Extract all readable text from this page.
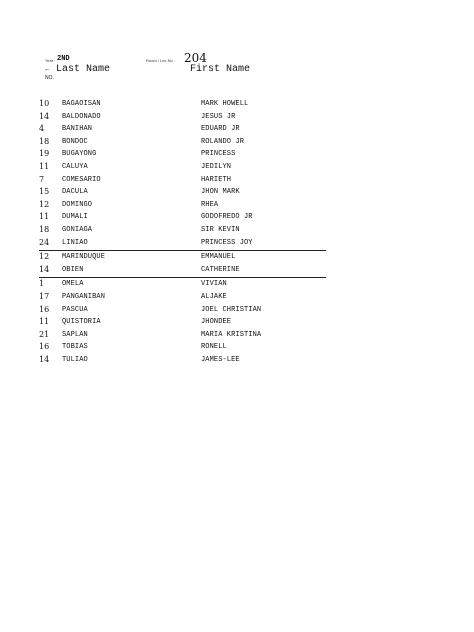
Year : 2ND	Room / Lec No : 204
← Last Name	First Name
NO.
10 BAGAOISAN	MARK HOWELL
14 BALDONADO	JESUS JR
4	BANIHAN	EDUARD JR
18 BONDOC	ROLANDO JR
19 BUGAYONG	PRINCESS
11 CALUYA	JEDILYN
7	COMESARIO	HARIETH
15 DACULA	JHON MARK
12 DOMINGO	RHEA
11 DUMALI	GODOFREDO JR
18 GONIAGA	SIR KEVIN
24 LINIAO	PRINCESS JOY
12 MARINDUQUE	EMMANUEL
14 OBIEN	CATHERINE
1	OMELA	VIVIAN
17 PANGANIBAN	ALJAKE
16 PASCUA	JOEL CHRISTIAN
11 QUISTORIA	JHONDEE
21 SAPLAN	MARIA KRISTINA
16 TOBIAS	RONELL
14 TULIAO	JAMES-LEE
